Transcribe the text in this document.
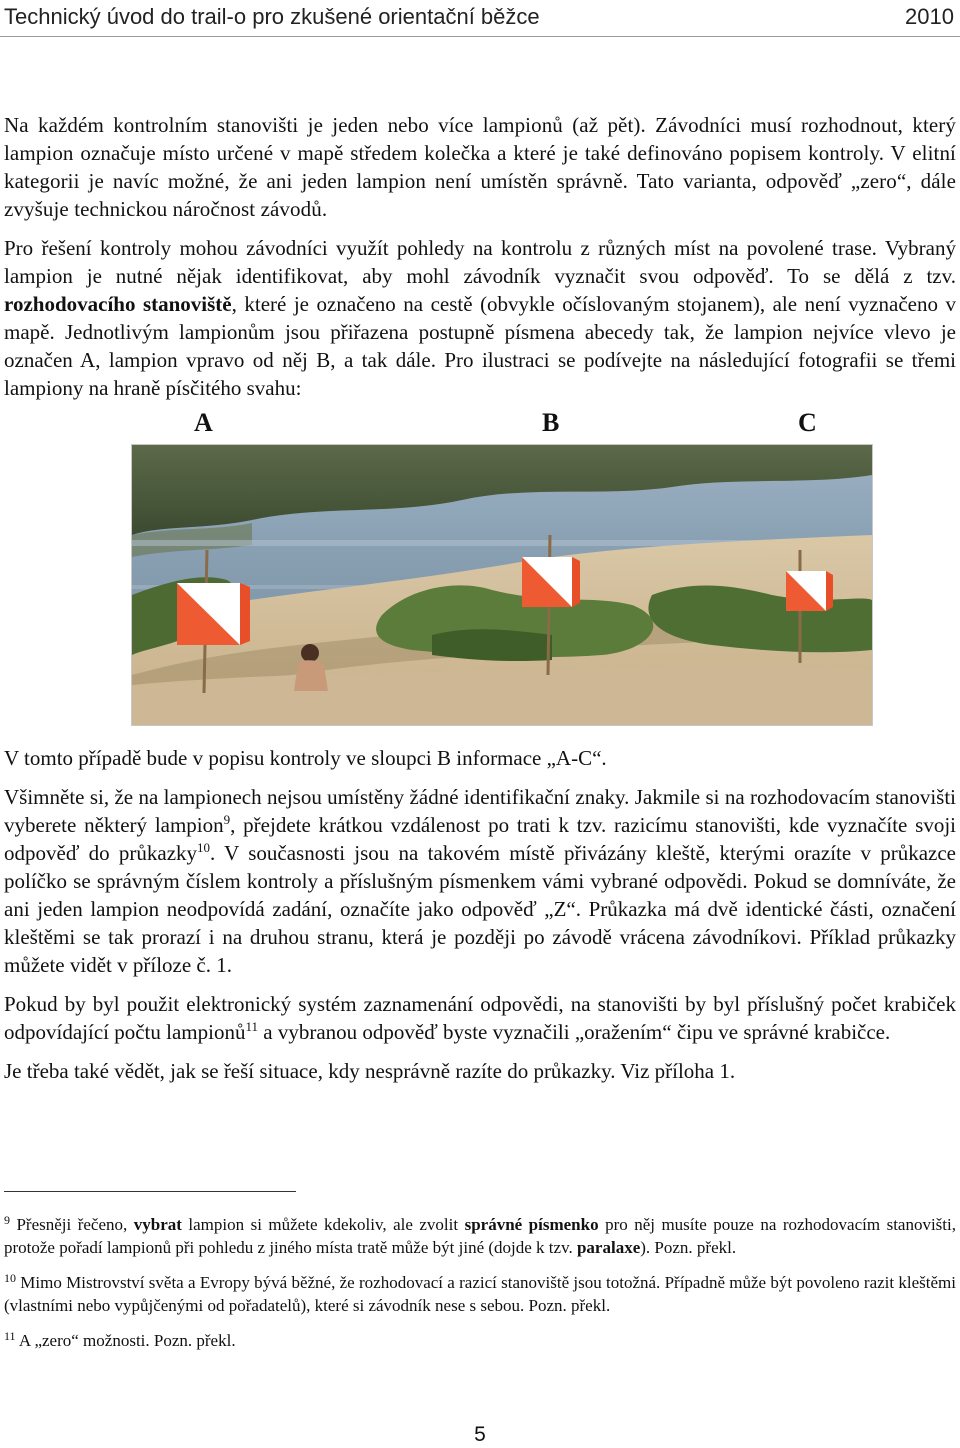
Technický úvod do trail-o pro zkušené orientační běžce	2010

Na každém kontrolním stanovišti je jeden nebo více lampionů (až pět). Závodníci musí rozhodnout, který lampion označuje místo určené v mapě středem kolečka a které je také definováno popisem kontroly. V elitní kategorii je navíc možné, že ani jeden lampion není umístěn správně. Tato varianta, odpověď „zero“, dále zvyšuje technickou náročnost závodů.

Pro řešení kontroly mohou závodníci využít pohledy na kontrolu z různých míst na povolené trase. Vybraný lampion je nutné nějak identifikovat, aby mohl závodník vyznačit svou odpověď. To se dělá z tzv. rozhodovacího stanoviště, které je označeno na cestě (obvykle očíslovaným stojanem), ale není vyznačeno v mapě. Jednotlivým lampionům jsou přiřazena postupně písmena abecedy tak, že lampion nejvíce vlevo je označen A, lampion vpravo od něj B, a tak dále. Pro ilustraci se podívejte na následující fotografii se třemi lampiony na hraně písčitého svahu:

A	B	C

V tomto případě bude v popisu kontroly ve sloupci B informace „A-C“.

Všimněte si, že na lampionech nejsou umístěny žádné identifikační znaky. Jakmile si na rozhodovacím stanovišti vyberete některý lampion$^9$, přejdete krátkou vzdálenost po trati k tzv. razicímu stanovišti, kde vyznačíte svoji odpověď do průkazky$^{10}$. V současnosti jsou na takovém místě přivázány kleště, kterými orazíte v průkazce políčko se správným číslem kontroly a příslušným písmenkem vámi vybrané odpovědi. Pokud se domníváte, že ani jeden lampion neodpovídá zadání, označíte jako odpověď „Z“. Průkazka má dvě identické části, označení kleštěmi se tak prorazí i na druhou stranu, která je později po závodě vrácena závodníkovi. Příklad průkazky můžete vidět v příloze č. 1.

Pokud by byl použit elektronický systém zaznamenání odpovědi, na stanovišti by byl příslušný počet krabiček odpovídající počtu lampionů$^{11}$ a vybranou odpověď byste vyznačili „oražením“ čipu ve správné krabičce.

Je třeba také vědět, jak se řeší situace, kdy nesprávně razíte do průkazky. Viz příloha 1.

$^9$ Přesněji řečeno, vybrat lampion si můžete kdekoliv, ale zvolit správné písmenko pro něj musíte pouze na rozhodovacím stanovišti, protože pořadí lampionů při pohledu z jiného místa tratě může být jiné (dojde k tzv. paralaxe). Pozn. překl.

$^{10}$ Mimo Mistrovství světa a Evropy bývá běžné, že rozhodovací a razicí stanoviště jsou totožná. Případně může být povoleno razit kleštěmi (vlastními nebo vypůjčenými od pořadatelů), které si závodník nese s sebou. Pozn. překl.

$^{11}$ A „zero“ možnosti. Pozn. překl.

5
